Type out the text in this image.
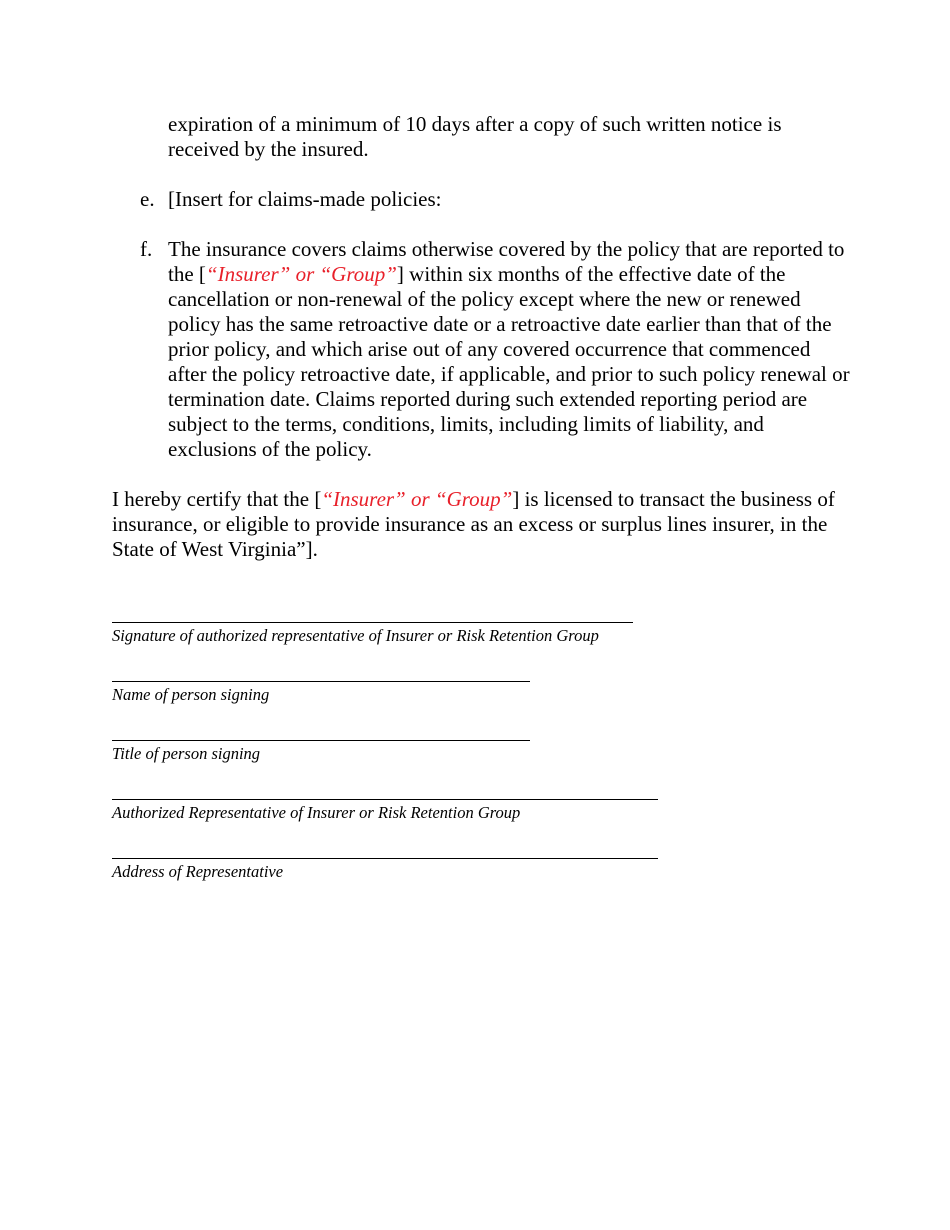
expiration of a minimum of 10 days after a copy of such written notice is received by the insured.

e. [Insert for claims-made policies:
f. The insurance covers claims otherwise covered by the policy that are reported to the [“Insurer” or “Group”] within six months of the effective date of the cancellation or non-renewal of the policy except where the new or renewed policy has the same retroactive date or a retroactive date earlier than that of the prior policy, and which arise out of any covered occurrence that commenced after the policy retroactive date, if applicable, and prior to such policy renewal or termination date. Claims reported during such extended reporting period are subject to the terms, conditions, limits, including limits of liability, and exclusions of the policy.

I hereby certify that the [“Insurer” or “Group”] is licensed to transact the business of insurance, or eligible to provide insurance as an excess or surplus lines insurer, in the State of West Virginia”].

Signature of authorized representative of Insurer or Risk Retention Group
Name of person signing
Title of person signing
Authorized Representative of Insurer or Risk Retention Group
Address of Representative
